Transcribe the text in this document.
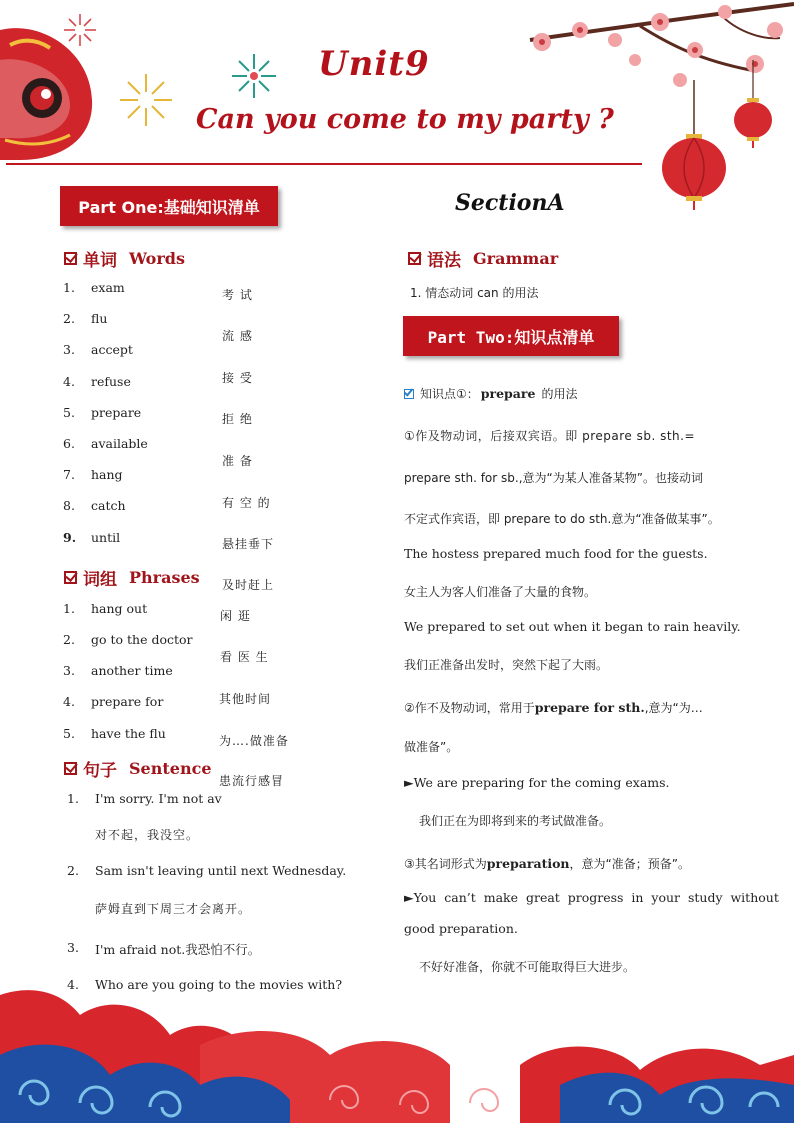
Unit9
Can you come to my party ?
Part One:基础知识清单	SectionA
Part Two:知识点清单
单词 Words
1. exam	考 试
2. flu
流 感
3. accept
接 受
4. refuse
拒 绝
5. prepare
准 备
6. available
有 空 的
7. hang
悬挂垂下
8. catch
及时赶上
9. until
闲 逛
词组 Phrases
1. hang out
看 医 生
2. go to the doctor
其他时间
3. another time
为….做准备
4. prepare for
患流行感冒
5. have the flu
句子 Sentence
1. I'm sorry. I'm not av
对不起，我没空。
2. Sam isn't leaving until next Wednesday.
萨姆直到下周三才会离开。
3. I'm afraid not.我恐怕不行。
4. Who are you going to the movies with?
语法 Grammar
1. 情态动词 can 的用法
知识点①： prepare 的用法
①作及物动词，后接双宾语。即 prepare sb. sth.=
prepare sth. for sb.,意为“为某人准备某物”。也接动词
不定式作宾语，即 prepare to do sth.意为“准备做某事”。
The hostess prepared much food for the guests.
女主人为客人们准备了大量的食物。
We prepared to set out when it began to rain heavily.
我们正准备出发时，突然下起了大雨。
②作不及物动词，常用于prepare for sth.,意为“为…
做准备”。
►We are preparing for the coming exams.
我们正在为即将到来的考试做准备。
③其名词形式为preparation，意为“准备；预备”。
►You  can’t  make  great  progress  in  your  study  without
good preparation.
不好好准备，你就不可能取得巨大进步。
